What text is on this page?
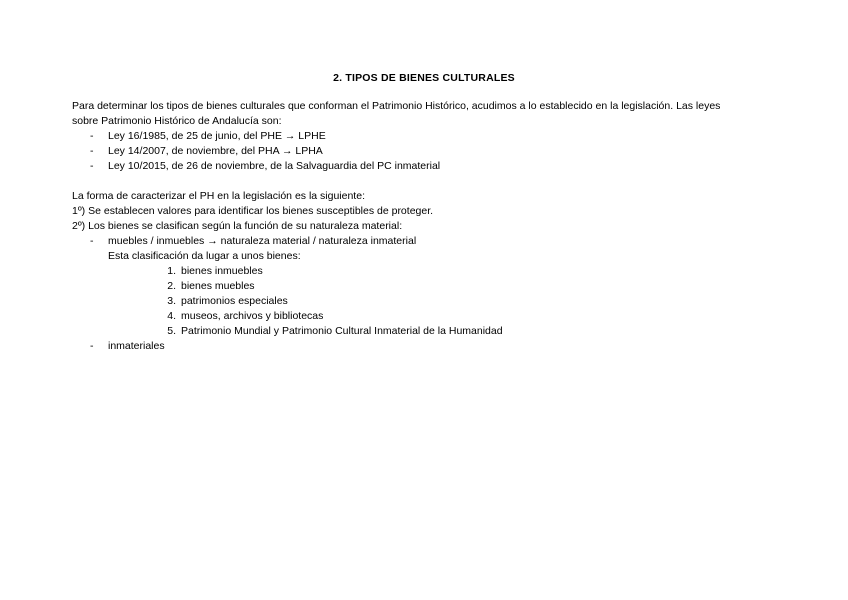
2. TIPOS DE BIENES CULTURALES
Para determinar los tipos de bienes culturales que conforman el Patrimonio Histórico, acudimos a lo establecido en la legislación. Las leyes
sobre Patrimonio Histórico de Andalucía son:
- Ley 16/1985, de 25 de junio, del PHE → LPHE
- Ley 14/2007, de noviembre, del PHA → LPHA
- Ley 10/2015, de 26 de noviembre, de la Salvaguardia del PC inmaterial
La forma de caracterizar el PH en la legislación es la siguiente:
1º) Se establecen valores para identificar los bienes susceptibles de proteger.
2º) Los bienes se clasifican según la función de su naturaleza material:
- muebles / inmuebles → naturaleza material / naturaleza inmaterial
Esta clasificación da lugar a unos bienes:
1. bienes inmuebles
2. bienes muebles
3. patrimonios especiales
4. museos, archivos y bibliotecas
5. Patrimonio Mundial y Patrimonio Cultural Inmaterial de la Humanidad
- inmateriales
